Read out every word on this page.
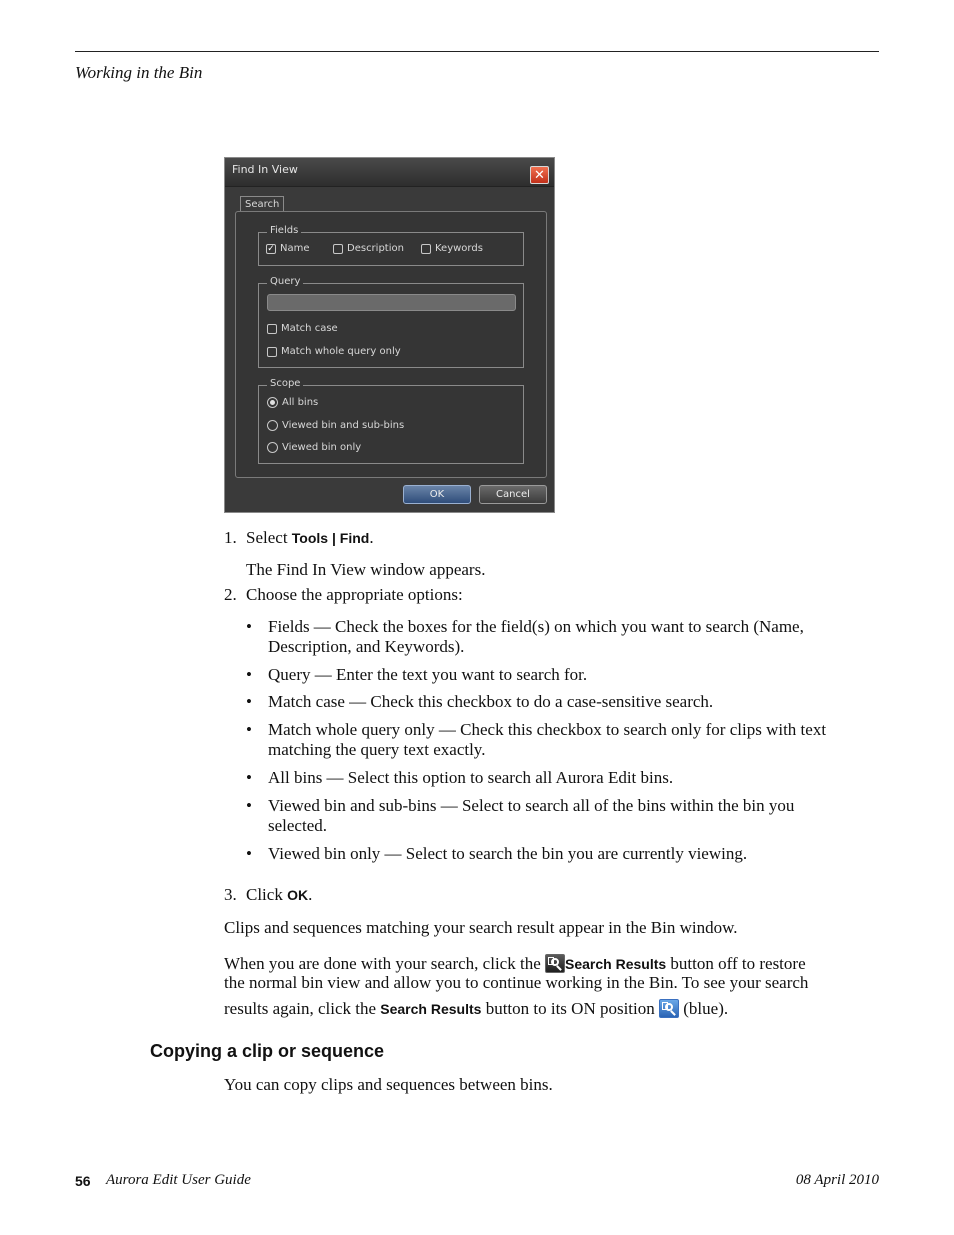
Working in the Bin
Find In View	✕
Search
Fields
✓ Name	Description	Keywords
Query
Match case
Match whole query only
Scope
All bins
Viewed bin and sub-bins
Viewed bin only
OK	Cancel
1. Select Tools | Find.
The Find In View window appears.
2. Choose the appropriate options:
• Fields — Check the boxes for the field(s) on which you want to search (Name, Description, and Keywords).
• Query — Enter the text you want to search for.
• Match case — Check this checkbox to do a case-sensitive search.
• Match whole query only — Check this checkbox to search only for clips with text matching the query text exactly.
• All bins — Select this option to search all Aurora Edit bins.
• Viewed bin and sub-bins — Select to search all of the bins within the bin you selected.
• Viewed bin only — Select to search the bin you are currently viewing.
3. Click OK.
Clips and sequences matching your search result appear in the Bin window.
When you are done with your search, click the
Search Results button off to restore
the normal bin view and allow you to continue working in the Bin. To see your search
results again, click the Search Results button to its ON position
(blue).
Copying a clip or sequence
You can copy clips and sequences between bins.
56 Aurora Edit User Guide	08 April 2010
